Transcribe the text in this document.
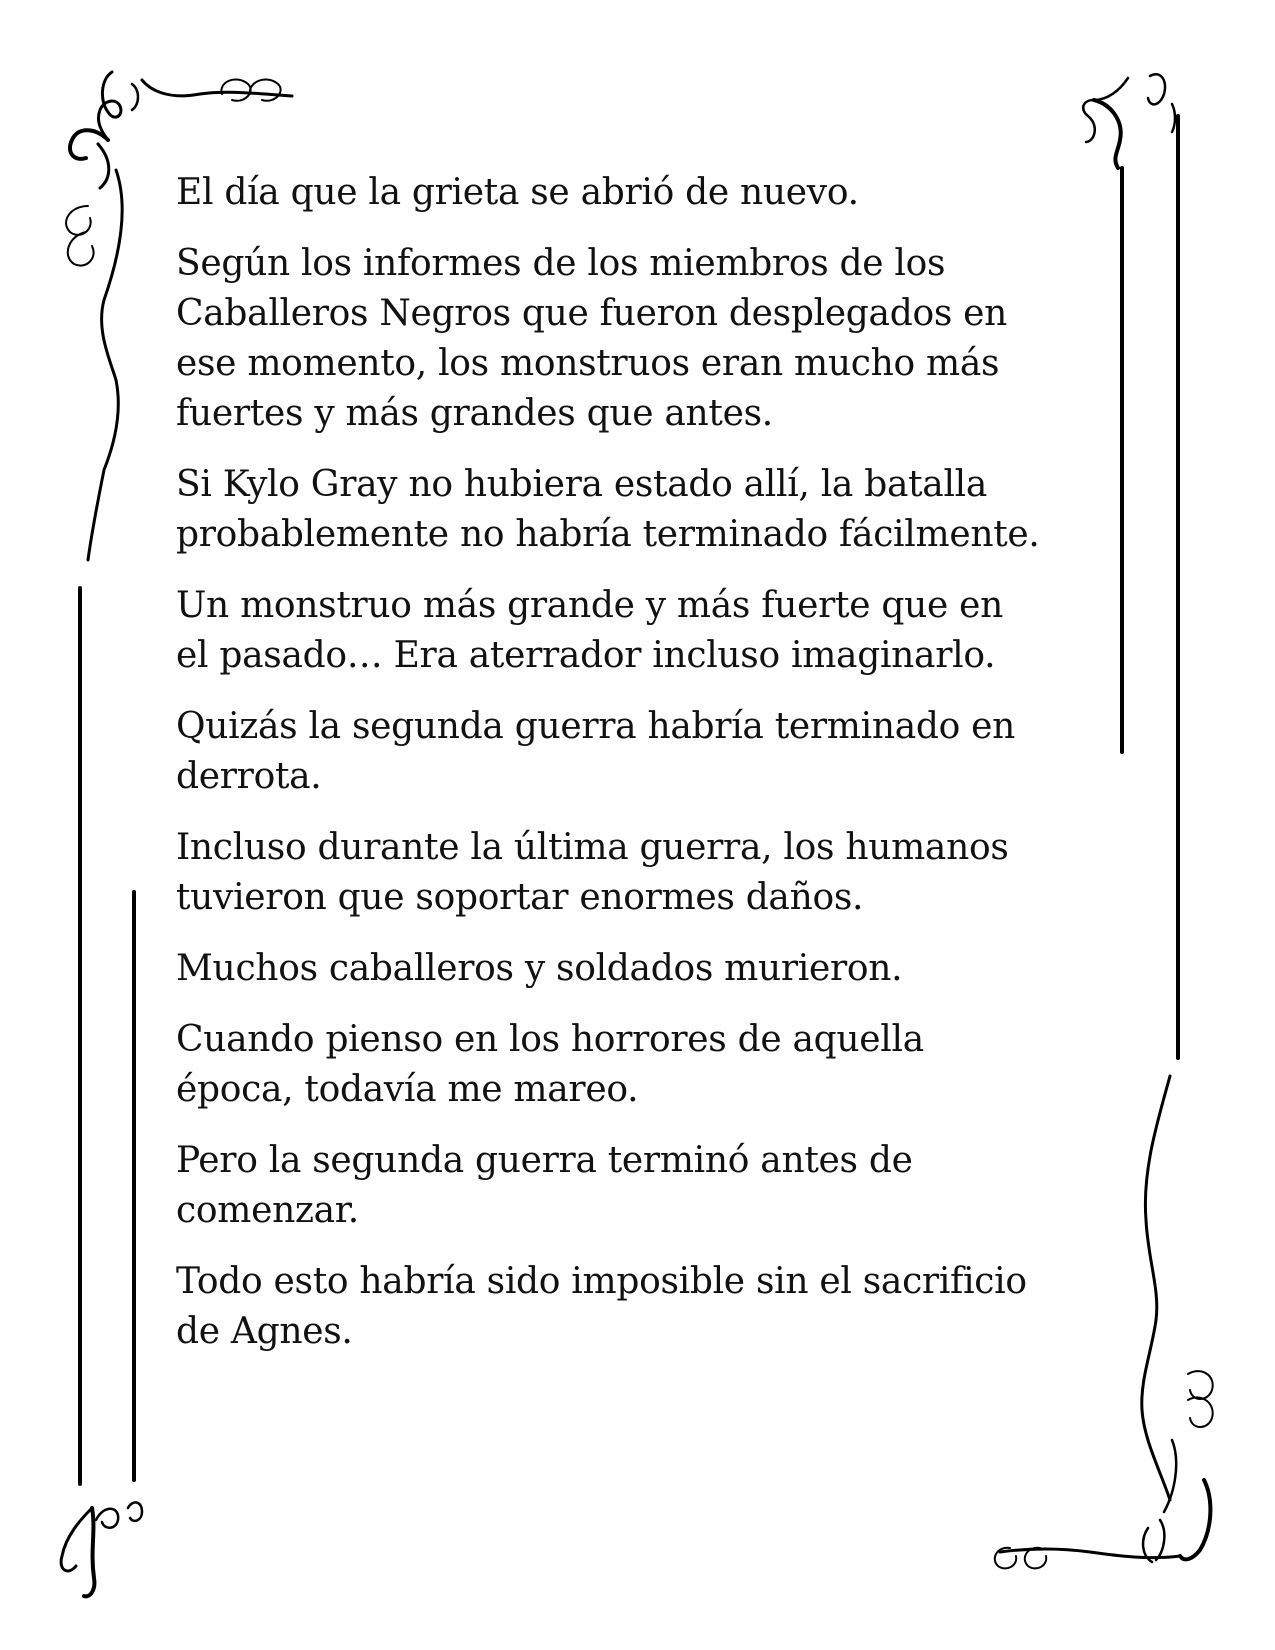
El día que la grieta se abrió de nuevo.

Según los informes de los miembros de los
Caballeros Negros que fueron desplegados en
ese momento, los monstruos eran mucho más
fuertes y más grandes que antes.

Si Kylo Gray no hubiera estado allí, la batalla
probablemente no habría terminado fácilmente.

Un monstruo más grande y más fuerte que en
el pasado… Era aterrador incluso imaginarlo.

Quizás la segunda guerra habría terminado en
derrota.

Incluso durante la última guerra, los humanos
tuvieron que soportar enormes daños.

Muchos caballeros y soldados murieron.

Cuando pienso en los horrores de aquella
época, todavía me mareo.

Pero la segunda guerra terminó antes de
comenzar.

Todo esto habría sido imposible sin el sacrificio
de Agnes.
